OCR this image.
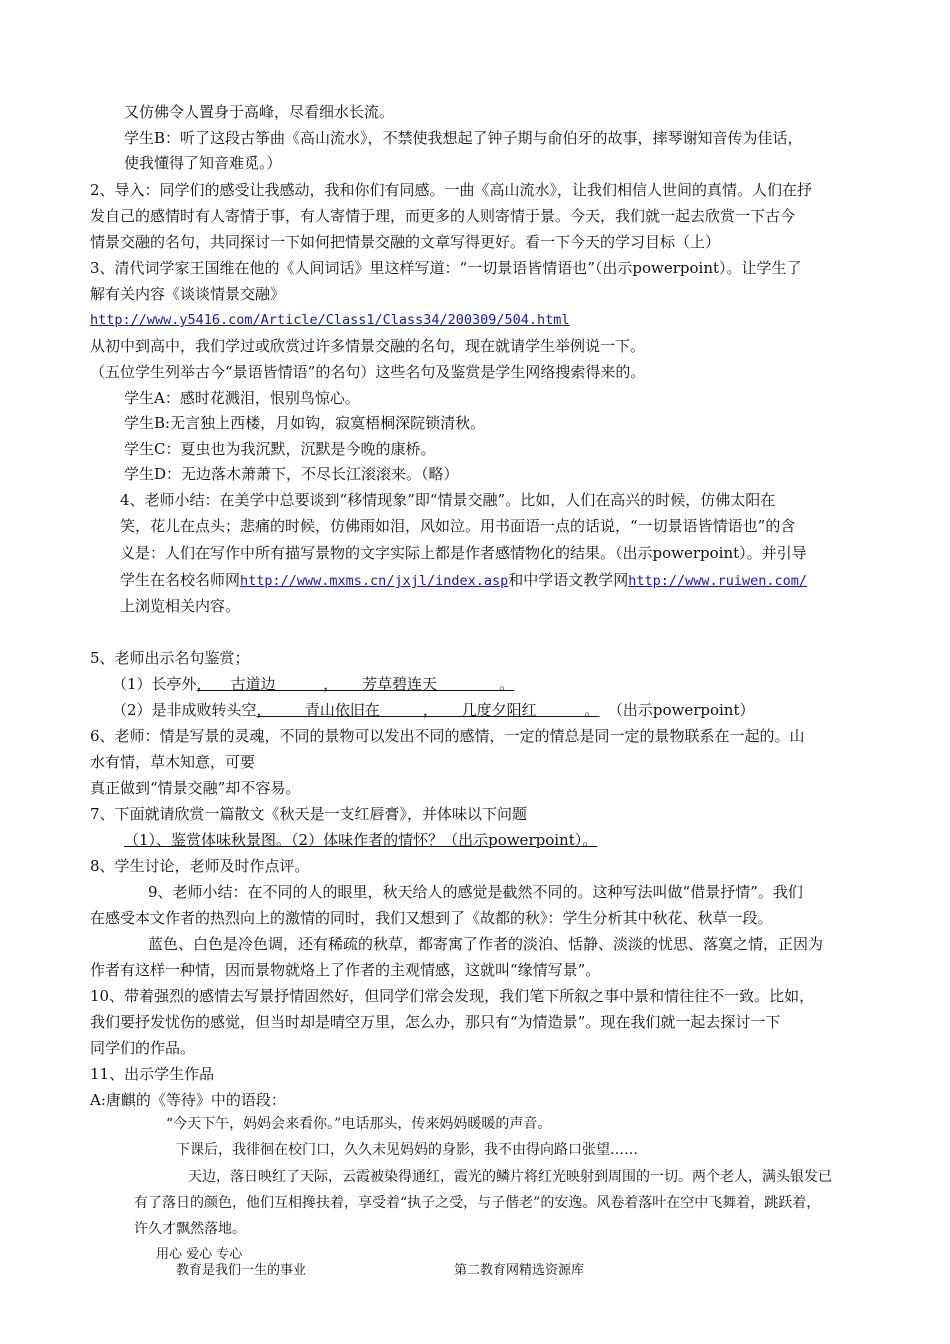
又仿佛令人置身于高峰，尽看细水长流。
学生B：听了这段古筝曲《高山流水》，不禁使我想起了钟子期与俞伯牙的故事，摔琴谢知音传为佳话，
使我懂得了知音难觅。）
2、导入：同学们的感受让我感动，我和你们有同感。一曲《高山流水》，让我们相信人世间的真情。人们在抒
发自己的感情时有人寄情于事，有人寄情于理，而更多的人则寄情于景。今天，我们就一起去欣赏一下古今
情景交融的名句，共同探讨一下如何把情景交融的文章写得更好。看一下今天的学习目标（上）
3、清代词学家王国维在他的《人间词话》里这样写道：“一切景语皆情语也”（出示powerpoint）。让学生了
解有关内容《谈谈情景交融》
http://www.y5416.com/Article/Class1/Class34/200309/504.html
从初中到高中，我们学过或欣赏过许多情景交融的名句，现在就请学生举例说一下。
（五位学生列举古今“景语皆情语”的名句）这些名句及鉴赏是学生网络搜索得来的。
学生A：感时花溅泪，恨别鸟惊心。
学生B:无言独上西楼，月如钩，寂寞梧桐深院锁清秋。
学生C：夏虫也为我沉默，沉默是今晚的康桥。
学生D：无边落木萧萧下，不尽长江滚滚来。（略）
4、老师小结：在美学中总要谈到“移情现象”即“情景交融”。比如，人们在高兴的时候，仿佛太阳在
笑，花儿在点头；悲痛的时候，仿佛雨如泪，风如泣。用书面语一点的话说，“一切景语皆情语也”的含
义是：人们在写作中所有描写景物的文字实际上都是作者感情物化的结果。（出示powerpoint）。并引导
学生在名校名师网http://www.mxms.cn/jxjl/index.asp和中学语文教学网http://www.ruiwen.com/
上浏览相关内容。
5、老师出示名句鉴赏；
（1）长亭外，    古道边          ，     芳草碧连天             。
（2）是非成败转头空，       青山依旧在         ，     几度夕阳红          。 （出示powerpoint）
6、老师：情是写景的灵魂，不同的景物可以发出不同的感情，一定的情总是同一定的景物联系在一起的。山
水有情，草木知意，可要
真正做到“情景交融”却不容易。
7、下面就请欣赏一篇散文《秋天是一支红唇膏》，并体味以下问题
（1）、鉴赏体味秋景图。（2）体味作者的情怀？（出示powerpoint）。
8、学生讨论，老师及时作点评。
9、老师小结：在不同的人的眼里，秋天给人的感觉是截然不同的。这种写法叫做“借景抒情”。我们
在感受本文作者的热烈向上的激情的同时，我们又想到了《故都的秋》：学生分析其中秋花、秋草一段。
蓝色、白色是冷色调，还有稀疏的秋草，都寄寓了作者的淡泊、恬静、淡淡的忧思、落寞之情，正因为
作者有这样一种情，因而景物就烙上了作者的主观情感，这就叫“缘情写景”。
10、带着强烈的感情去写景抒情固然好，但同学们常会发现，我们笔下所叙之事中景和情往往不一致。比如，
我们要抒发忧伤的感觉，但当时却是晴空万里，怎么办，那只有“为情造景”。现在我们就一起去探讨一下
同学们的作品。
11、出示学生作品
A:唐麒的《等待》中的语段：
“今天下午，妈妈会来看你。”电话那头，传来妈妈暖暖的声音。
下课后，我徘徊在校门口，久久未见妈妈的身影，我不由得向路口张望……
天边，落日映红了天际，云霞被染得通红，霞光的鳞片将红光映射到周围的一切。两个老人，满头银发已
有了落日的颜色，他们互相搀扶着，享受着“执子之受，与子偕老”的安逸。风卷着落叶在空中飞舞着，跳跃着，
许久才飘然落地。
用心 爱心 专心
教育是我们一生的事业	第二教育网精选资源库
